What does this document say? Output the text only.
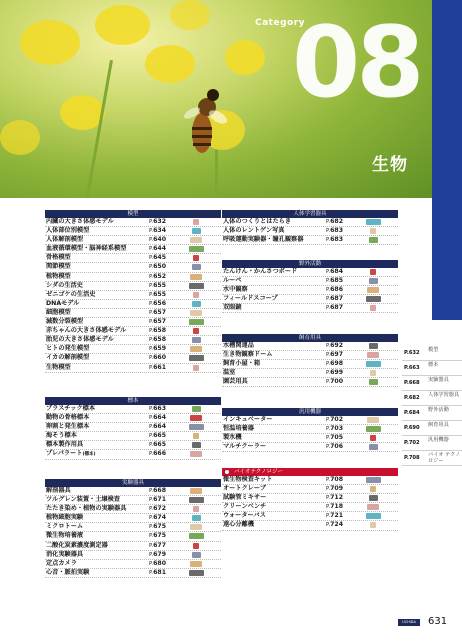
Category
08
生物
模型
内臓の大きさ体感モデル	P.632
人体部位別模型	P.634
人体解剖模型	P.640
血液循環模型・脳神経系模型	P.644
骨格模型	P.645
関節模型	P.650
植物模型	P.652
シダの生活史	P.655
ゼニゴケの生活史	P.655
DNAモデル	P.656
細胞模型	P.657
減数分裂模型	P.657
赤ちゃんの大きさ体感モデル	P.658
胎児の大きさ体感モデル	P.658
ヒトの発生模型	P.659
イカの解剖模型	P.660
生物模型	P.661
標本
プラスチック標本	P.663
動物の骨格標本	P.664
卵割と発生標本	P.664
海そう標本	P.665
標本製作用具	P.665
プレパラート(標本)	P.666
実験器具
解剖器具	P.668
ツルグレン装置・土壌検査	P.671
たたき染め・植物の実験器具	P.672
植物細胞実験	P.674
ミクロトーム	P.675
微生物培養液	P.675
二酸化炭素濃度測定器	P.677
消化実験器具	P.679
定点カメラ	P.680
心音・脈拍実験	P.681
人体学習器具
人体のつくりとはたらき	P.682
人体のレントゲン写真	P.683
呼吸運動実験器・瞳孔観察器	P.683
野外活動
たんけん・かんさつボード	P.684
ルーペ	P.685
水中観察	P.686
フィールドスコープ	P.687
双眼鏡	P.687
飼育用具
水槽関連品	P.692
生き物観察ドーム	P.697
飼育小屋・箱	P.698
温室	P.699
園芸用具	P.700
汎用機器
インキュベーター	P.702
恒温培養器	P.703
製氷機	P.705
マルチクーラー	P.706
バイオテクノロジー
微生物検査キット	P.708
オートクレーブ	P.709
試験管ミキサー	P.712
クリーンベンチ	P.718
ウォーターバス	P.721
遠心分離機	P.724
P.632 模型
P.663 標本
P.668 実験器具
P.682 人体学習器具
P.684 野外活動
P.690 飼育用具
P.702 汎用機器
P.708 バイオ テクノロジー
UCHIDA	631
